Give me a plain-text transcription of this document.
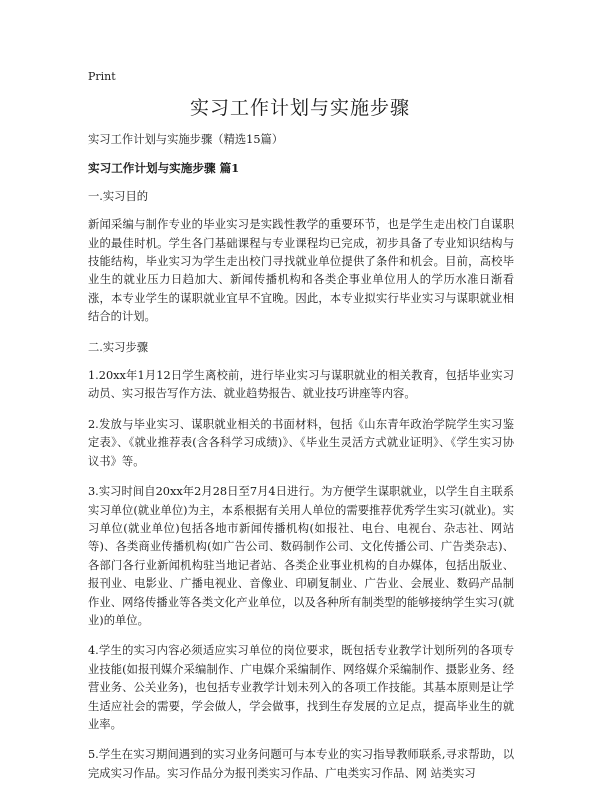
Print
实习工作计划与实施步骤

实习工作计划与实施步骤（精选15篇）

实习工作计划与实施步骤 篇1

一.实习目的

新闻采编与制作专业的毕业实习是实践性教学的重要环节，也是学生走出校门自谋职业的最佳时机。学生各门基础课程与专业课程均已完成，初步具备了专业知识结构与技能结构，毕业实习为学生走出校门寻找就业单位提供了条件和机会。目前，高校毕业生的就业压力日趋加大、新闻传播机构和各类企事业单位用人的学历水准日渐看涨，本专业学生的谋职就业宜早不宜晚。因此，本专业拟实行毕业实习与谋职就业相结合的计划。

二.实习步骤

1.20xx年1月12日学生离校前，进行毕业实习与谋职就业的相关教育，包括毕业实习动员、实习报告写作方法、就业趋势报告、就业技巧讲座等内容。

2.发放与毕业实习、谋职就业相关的书面材料，包括《山东青年政治学院学生实习鉴定表》、《就业推荐表(含各科学习成绩)》、《毕业生灵活方式就业证明》、《学生实习协议书》等。

3.实习时间自20xx年2月28日至7月4日进行。为方便学生谋职就业，以学生自主联系实习单位(就业单位)为主，本系根据有关用人单位的需要推荐优秀学生实习(就业)。实习单位(就业单位)包括各地市新闻传播机构(如报社、电台、电视台、杂志社、网站等)、各类商业传播机构(如广告公司、数码制作公司、文化传播公司、广告类杂志)、各部门各行业新闻机构驻当地记者站、各类企业事业机构的自办媒体，包括出版业、报刊业、电影业、广播电视业、音像业、印刷复制业、广告业、会展业、数码产品制作业、网络传播业等各类文化产业单位，以及各种所有制类型的能够接纳学生实习(就业)的单位。

4.学生的实习内容必须适应实习单位的岗位要求，既包括专业教学计划所列的各项专业技能(如报刊媒介采编制作、广电媒介采编制作、网络媒介采编制作、摄影业务、经营业务、公关业务)，也包括专业教学计划未列入的各项工作技能。其基本原则是让学生适应社会的需要，学会做人，学会做事，找到生存发展的立足点，提高毕业生的就业率。

5.学生在实习期间遇到的实习业务问题可与本专业的实习指导教师联系,寻求帮助，以完成实习作品。实习作品分为报刊类实习作品、广电类实习作品、网 站类实习
